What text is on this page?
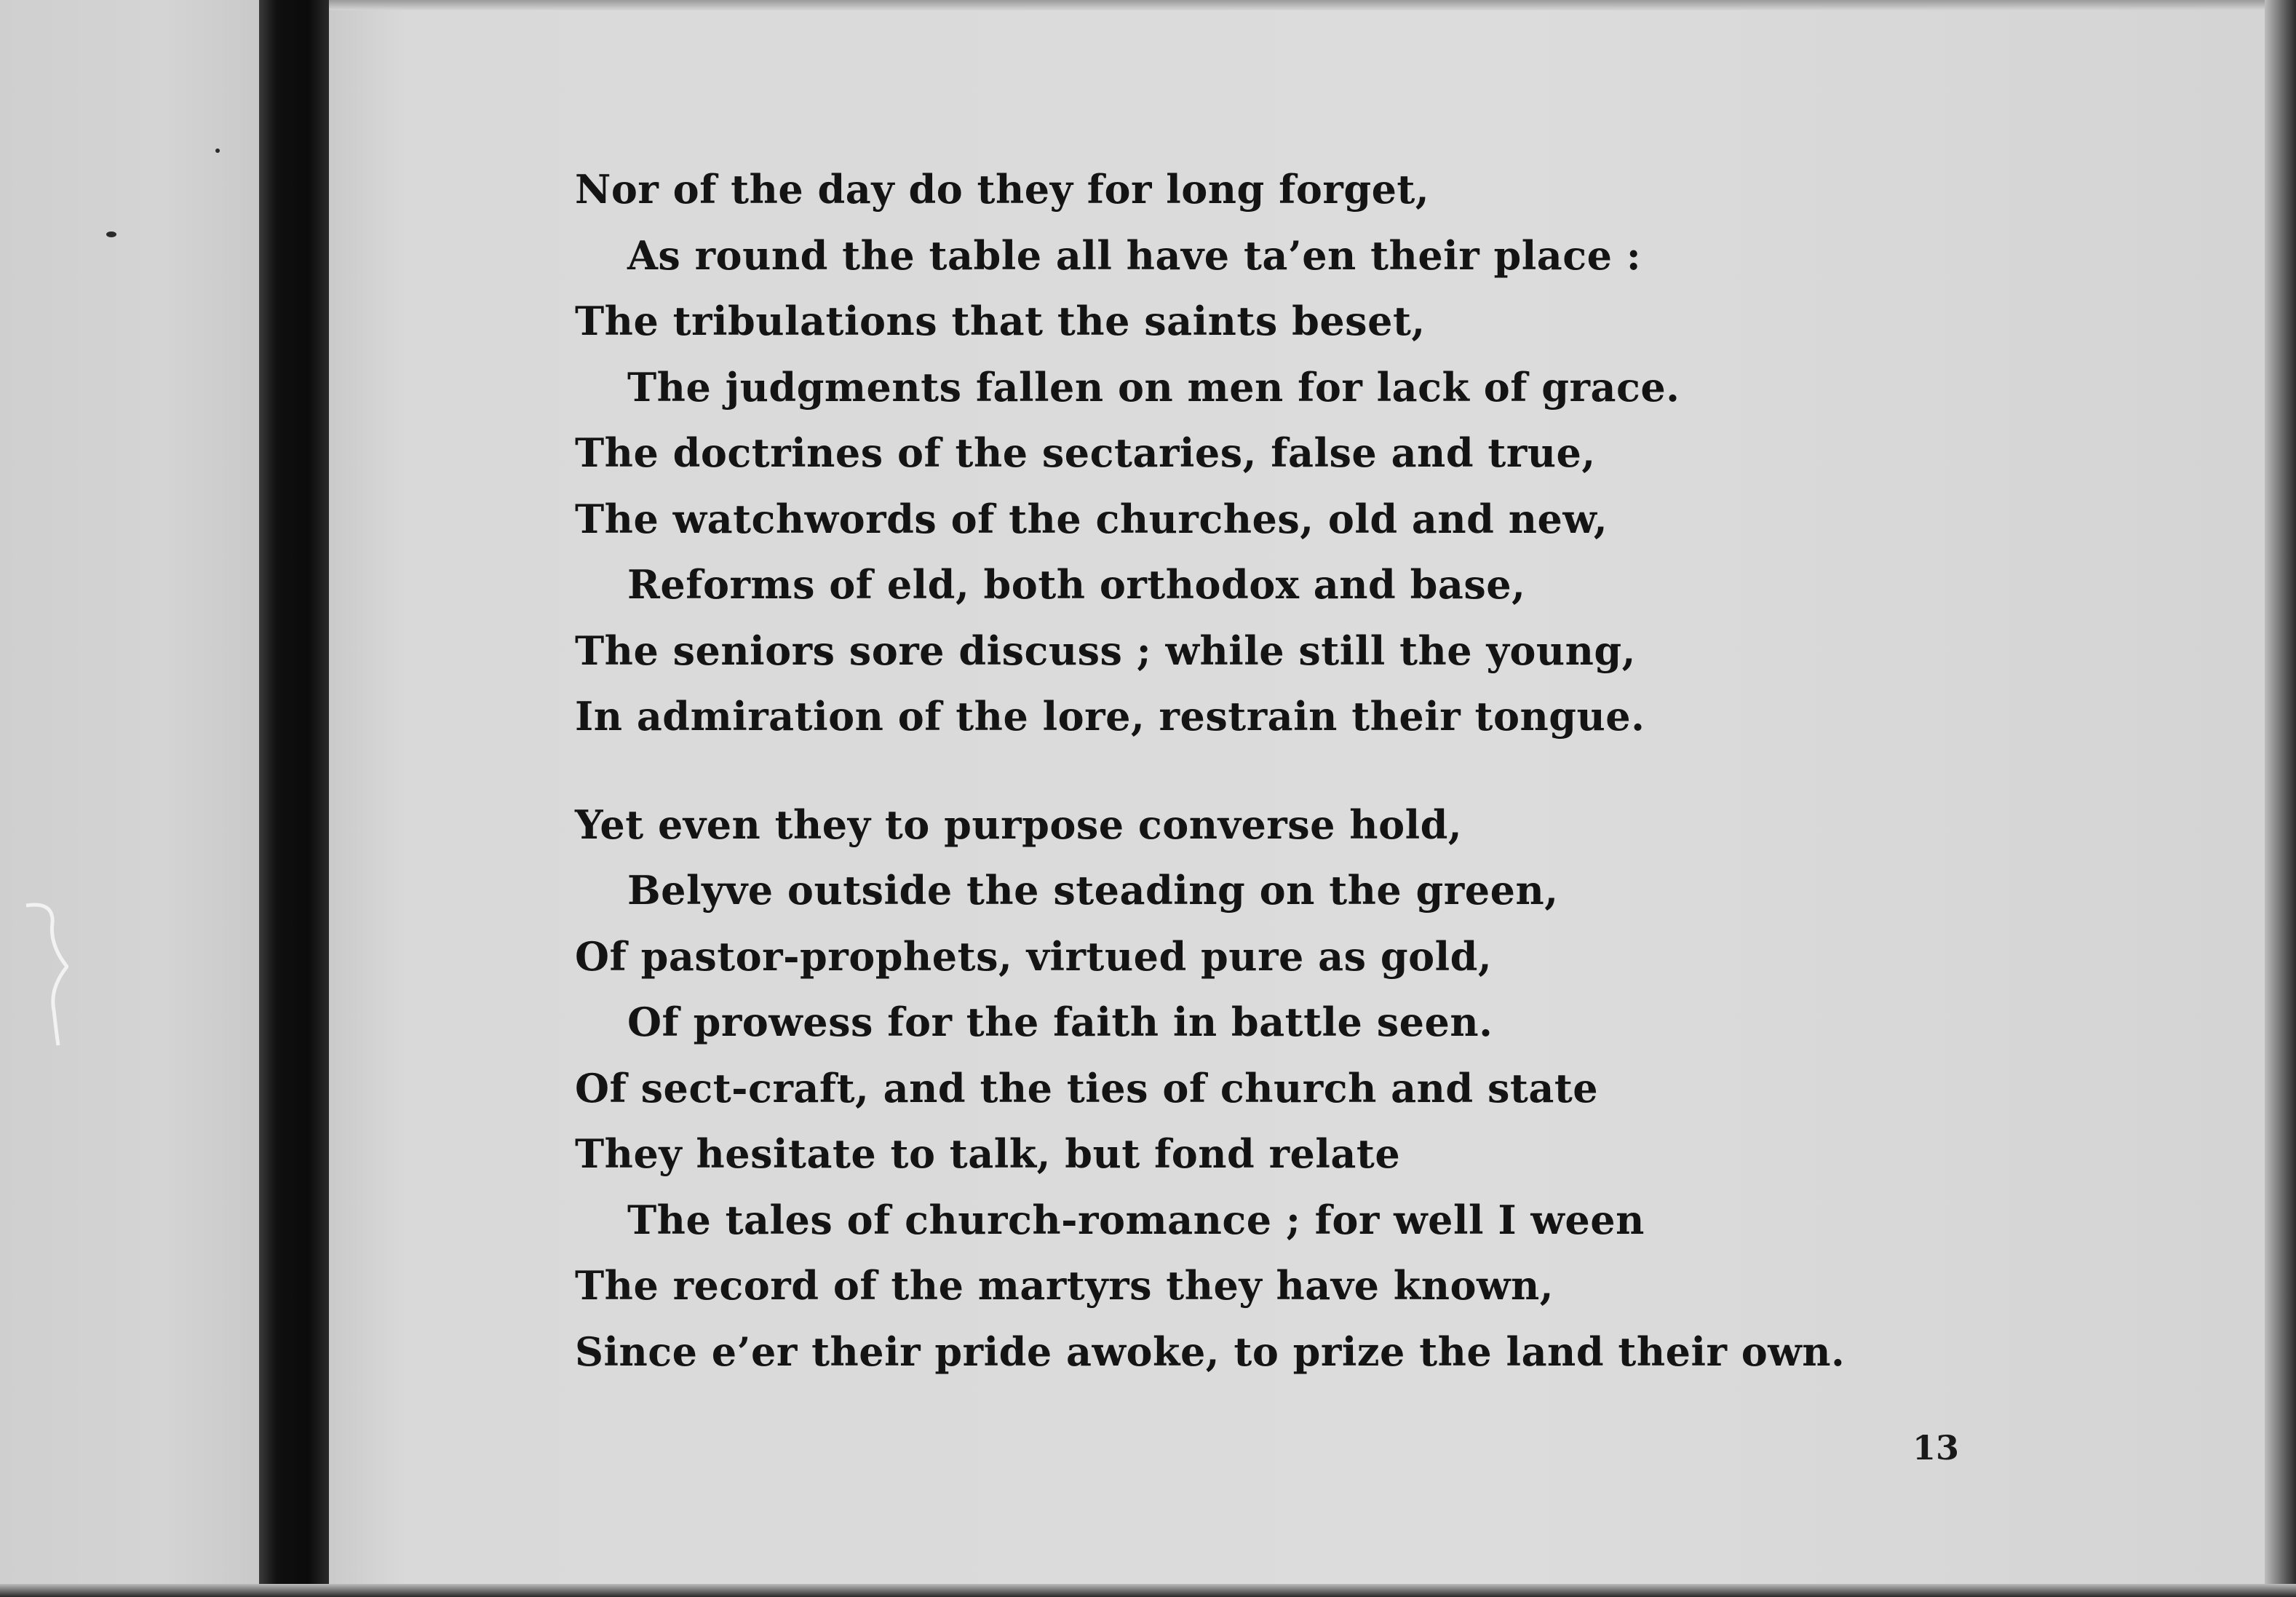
Nor of the day do they for long forget,
As round the table all have ta’en their place :
The tribulations that the saints beset,
The judgments fallen on men for lack of grace.
The doctrines of the sectaries, false and true,
The watchwords of the churches, old and new,
Reforms of eld, both orthodox and base,
The seniors sore discuss ; while still the young,
In admiration of the lore, restrain their tongue.
Yet even they to purpose converse hold,
Belyve outside the steading on the green,
Of pastor-prophets, virtued pure as gold,
Of prowess for the faith in battle seen.
Of sect-craft, and the ties of church and state
They hesitate to talk, but fond relate
The tales of church-romance ; for well I ween
The record of the martyrs they have known,
Since e’er their pride awoke, to prize the land their own.
13
